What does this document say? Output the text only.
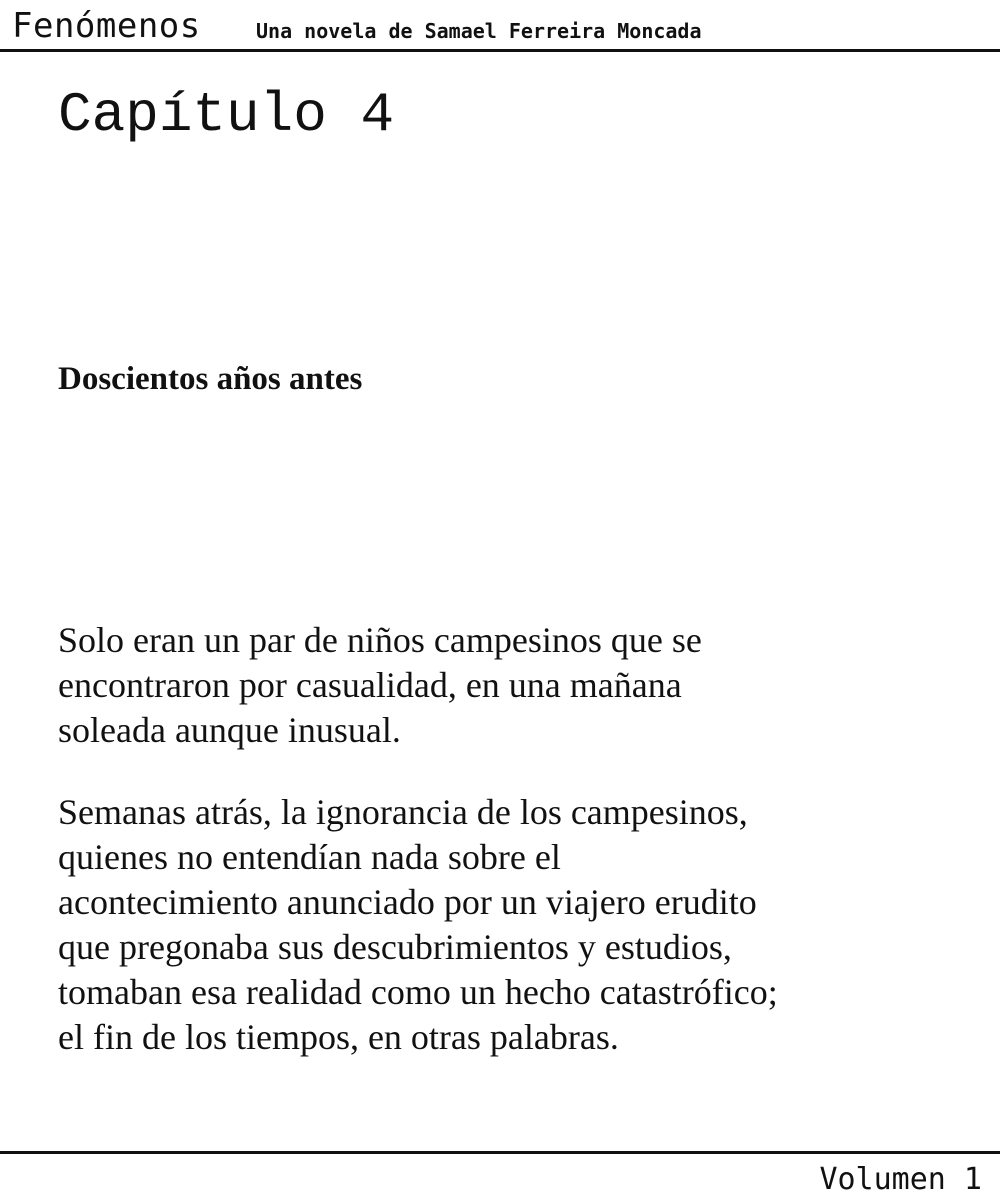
Fenómenos	Una novela de Samael Ferreira Moncada
Capítulo 4
Doscientos años antes

Solo eran un par de niños campesinos que se
encontraron por casualidad, en una mañana
soleada aunque inusual.

Semanas atrás, la ignorancia de los campesinos,
quienes no entendían nada sobre el
acontecimiento anunciado por un viajero erudito
que pregonaba sus descubrimientos y estudios,
tomaban esa realidad como un hecho catastrófico;
el fin de los tiempos, en otras palabras.

Volumen 1
